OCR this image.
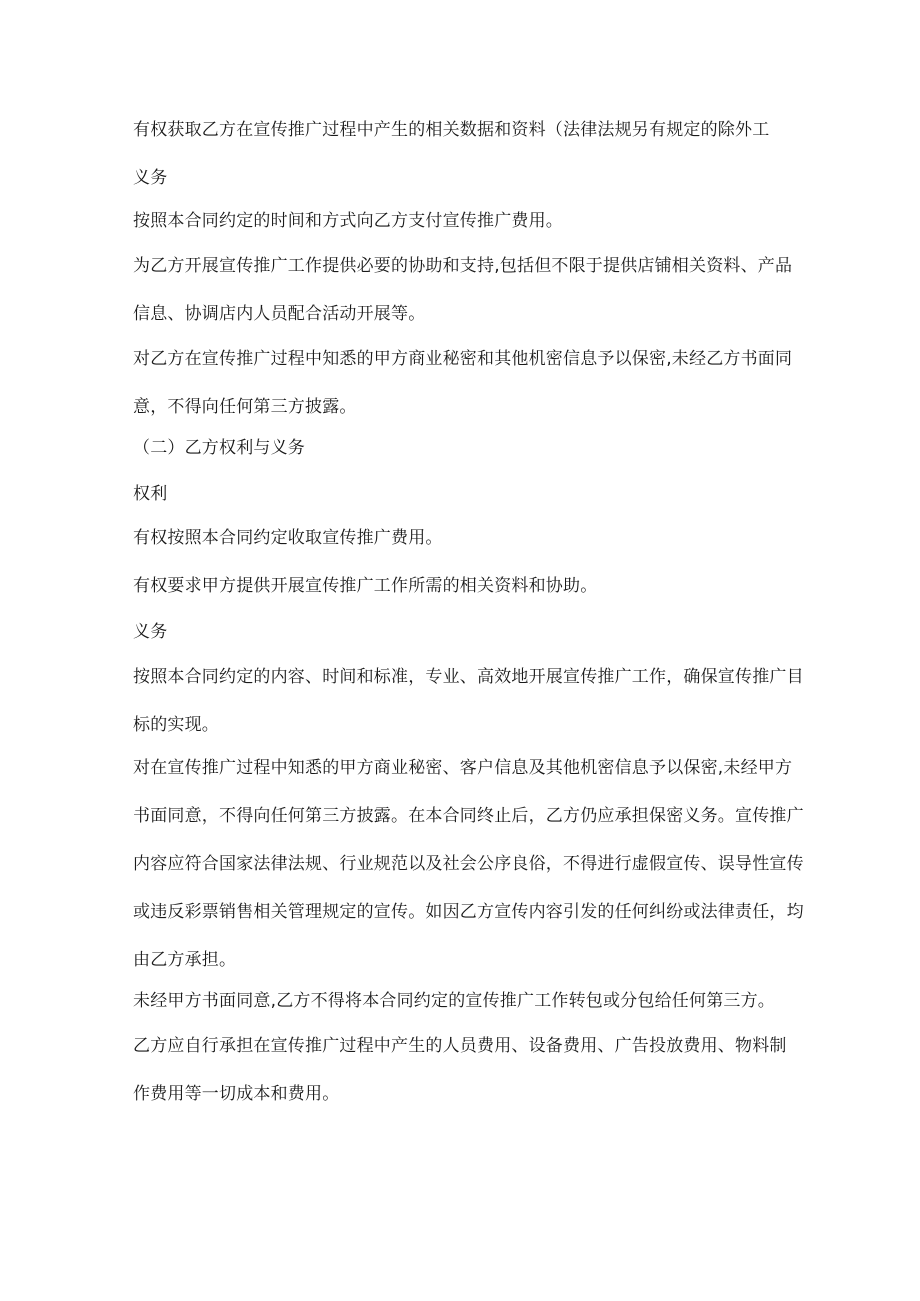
有权获取乙方在宣传推广过程中产生的相关数据和资料（法律法规另有规定的除外工
义务
按照本合同约定的时间和方式向乙方支付宣传推广费用。
为乙方开展宣传推广工作提供必要的协助和支持,包括但不限于提供店铺相关资料、产品
信息、协调店内人员配合活动开展等。
对乙方在宣传推广过程中知悉的甲方商业秘密和其他机密信息予以保密,未经乙方书面同
意，不得向任何第三方披露。
（二）乙方权利与义务
权利
有权按照本合同约定收取宣传推广费用。
有权要求甲方提供开展宣传推广工作所需的相关资料和协助。
义务
按照本合同约定的内容、时间和标准，专业、高效地开展宣传推广工作，确保宣传推广目
标的实现。
对在宣传推广过程中知悉的甲方商业秘密、客户信息及其他机密信息予以保密,未经甲方
书面同意，不得向任何第三方披露。在本合同终止后，乙方仍应承担保密义务。宣传推广
内容应符合国家法律法规、行业规范以及社会公序良俗，不得进行虚假宣传、误导性宣传
或违反彩票销售相关管理规定的宣传。如因乙方宣传内容引发的任何纠纷或法律责任，均
由乙方承担。
未经甲方书面同意,乙方不得将本合同约定的宣传推广工作转包或分包给任何第三方。
乙方应自行承担在宣传推广过程中产生的人员费用、设备费用、广告投放费用、物料制
作费用等一切成本和费用。
